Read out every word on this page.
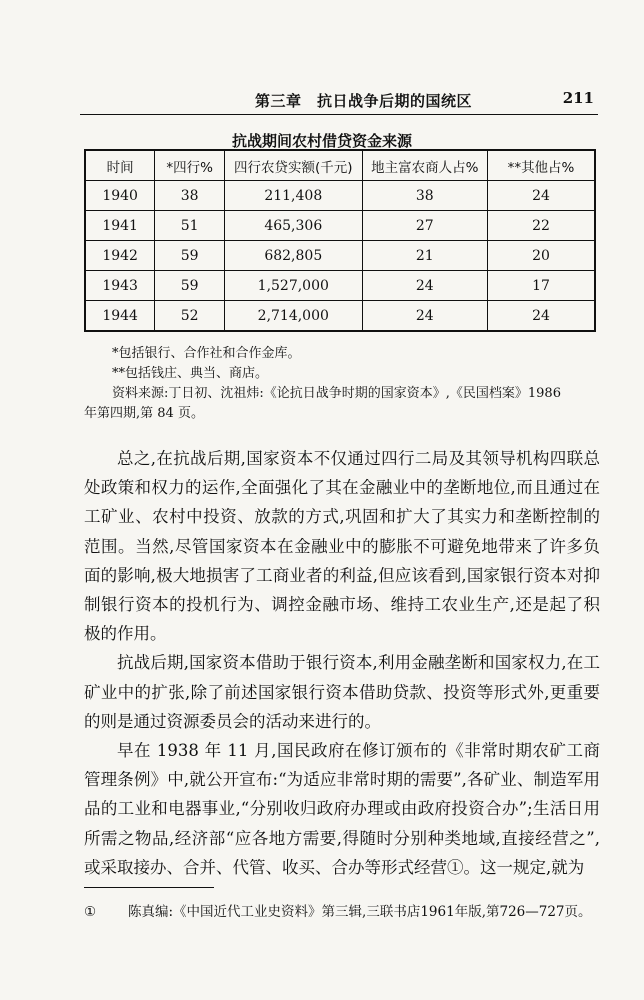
第三章　抗日战争后期的国统区	211
抗战期间农村借贷资金来源
时间	*四行%	四行农贷实额(千元)	地主富农商人占%	**其他占%
1940	38	211,408	38	24
1941	51	465,306	27	22
1942	59	682,805	21	20
1943	59	1,527,000	24	17
1944	52	2,714,000	24	24
*包括银行、合作社和合作金库。
**包括钱庄、典当、商店。
资料来源:丁日初、沈祖炜:《论抗日战争时期的国家资本》,《民国档案》1986
年第四期,第 84 页。

总之,在抗战后期,国家资本不仅通过四行二局及其领导机构四联总处政策和权力的运作,全面强化了其在金融业中的垄断地位,而且通过在工矿业、农村中投资、放款的方式,巩固和扩大了其实力和垄断控制的范围。当然,尽管国家资本在金融业中的膨胀不可避免地带来了许多负面的影响,极大地损害了工商业者的利益,但应该看到,国家银行资本对抑制银行资本的投机行为、调控金融市场、维持工农业生产,还是起了积极的作用。

抗战后期,国家资本借助于银行资本,利用金融垄断和国家权力,在工矿业中的扩张,除了前述国家银行资本借助贷款、投资等形式外,更重要的则是通过资源委员会的活动来进行的。

早在 1938 年 11 月,国民政府在修订颁布的《非常时期农矿工商管理条例》中,就公开宣布:“为适应非常时期的需要”,各矿业、制造军用品的工业和电器事业,“分别收归政府办理或由政府投资合办”;生活日用所需之物品,经济部“应各地方需要,得随时分别种类地域,直接经营之”,或采取接办、合并、代管、收买、合办等形式经营①。这一规定,就为

① 陈真编:《中国近代工业史资料》第三辑,三联书店1961年版,第726—727页。
